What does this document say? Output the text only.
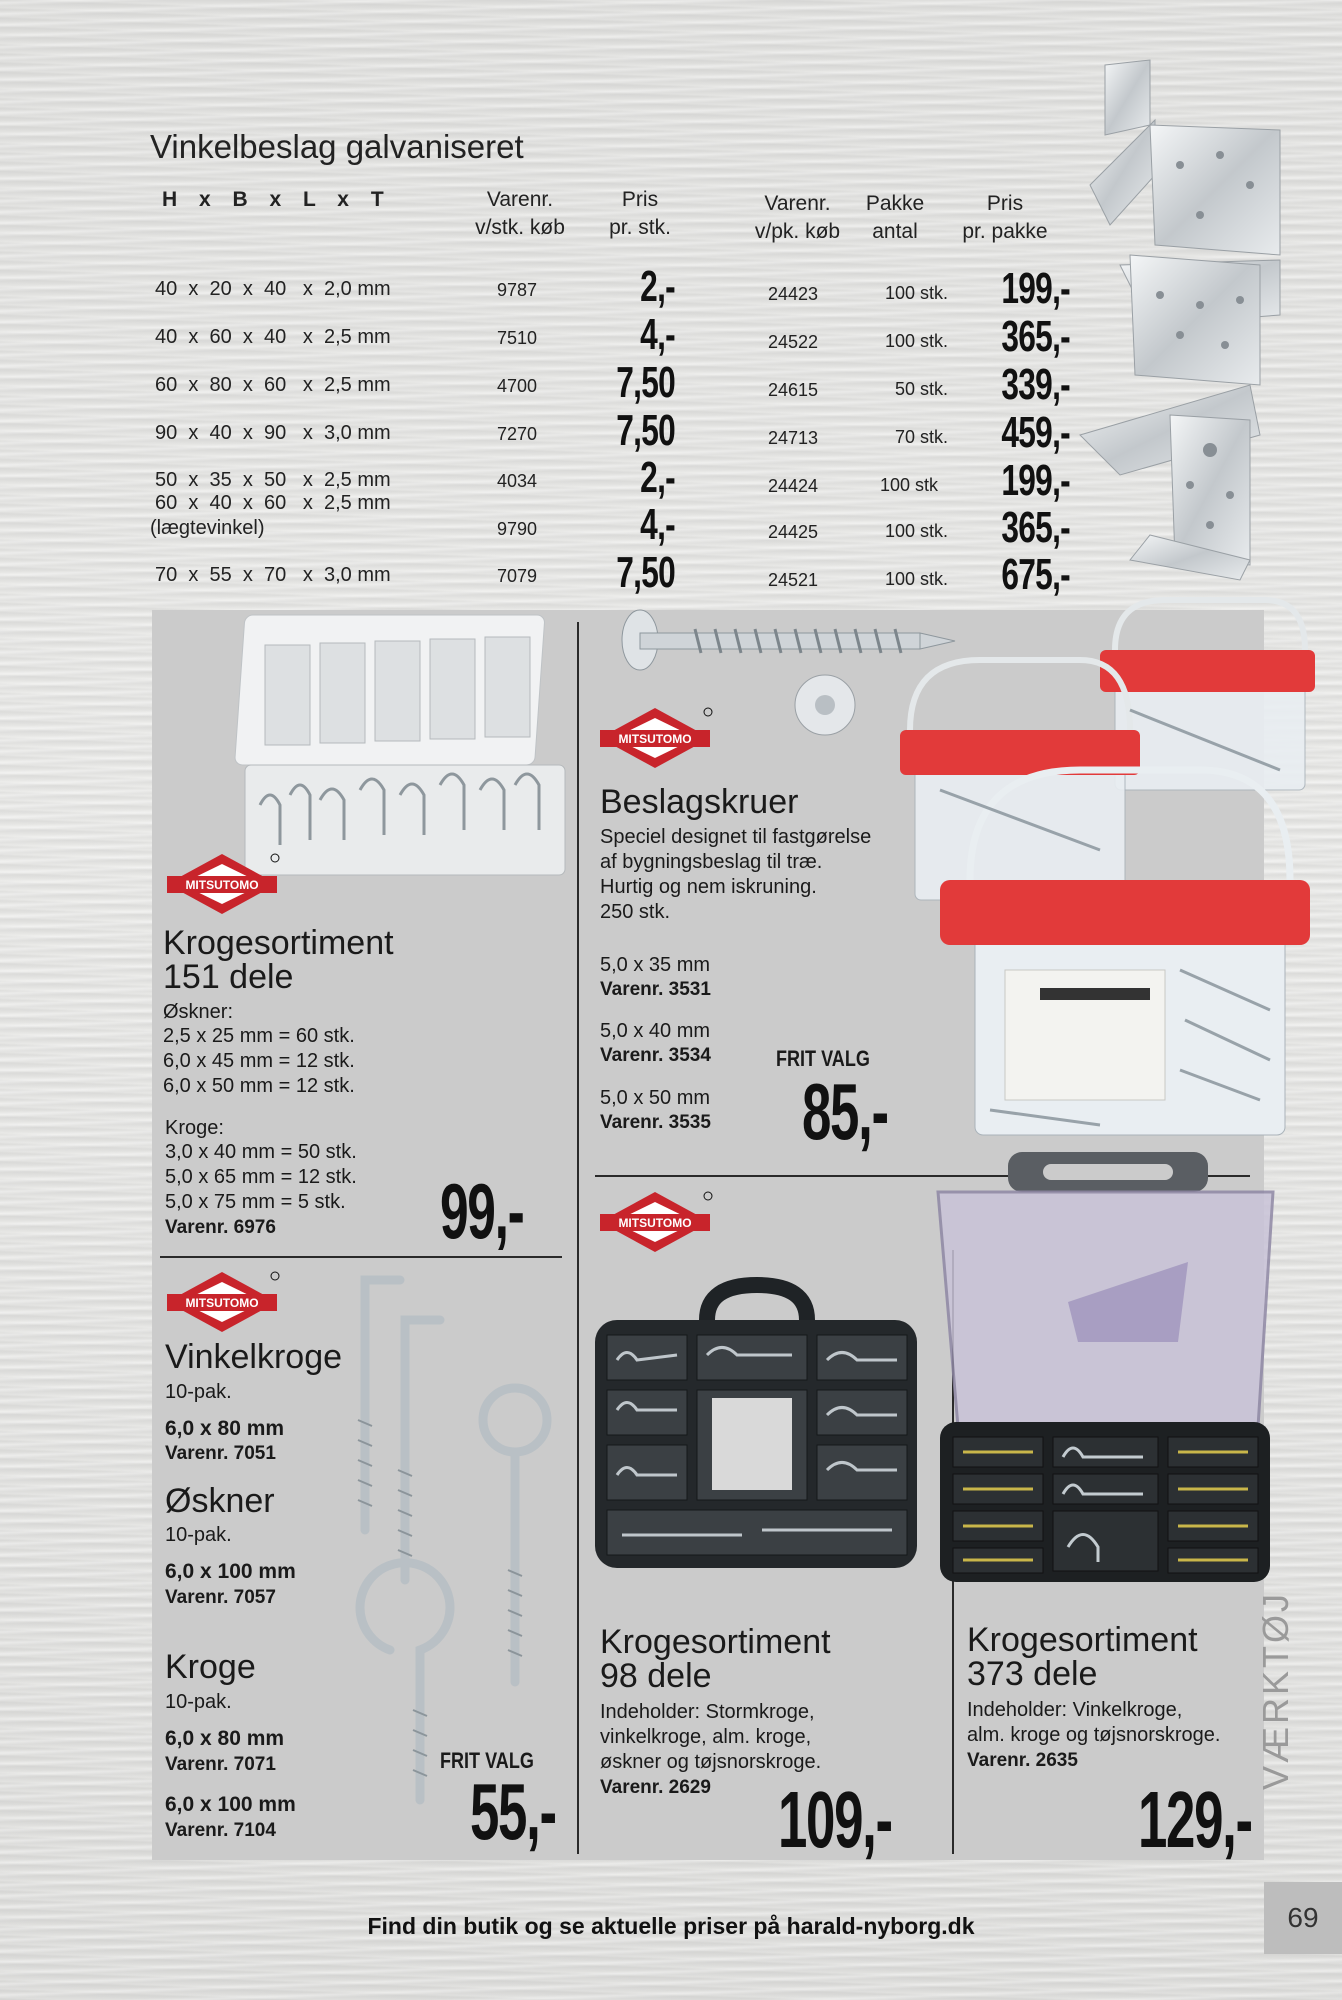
Vinkelbeslag galvaniseret
H x B x L x T	Varenr.
v/stk. køb
Pris
pr. stk.
Varenr.
v/pk. køb
Pakke
antal
Pris
pr. pakke
40  x  20  x  40   x  2,0 mm	9787	2,-	24423	100 stk.	199,-
40  x  60  x  40   x  2,5 mm	7510	4,-	24522	100 stk.	365,-
60  x  80  x  60   x  2,5 mm	4700	7,50	24615	50 stk.	339,-
90  x  40  x  90   x  3,0 mm	7270	7,50	24713	70 stk.	459,-
50  x  35  x  50   x  2,5 mm	4034	2,-	24424	100 stk	199,-
60  x  40  x  60   x  2,5 mm
(lægtevinkel)	9790	4,-	24425	100 stk.	365,-
70  x  55  x  70   x  3,0 mm	7079	7,50	24521	100 stk.	675,-
MITSUTOMO
Krogesortiment
151 dele
Øskner:
2,5 x 25 mm = 60 stk.
6,0 x 45 mm = 12 stk.
6,0 x 50 mm = 12 stk.
Kroge:
3,0 x 40 mm = 50 stk.
5,0 x 65 mm = 12 stk.
5,0 x 75 mm = 5 stk.
Varenr. 6976 99,-
MITSUTOMO
Beslagskruer
Speciel designet til fastgørelse
af bygningsbeslag til træ.
Hurtig og nem iskruning.
250 stk.
5,0 x 35 mm
Varenr. 3531
5,0 x 40 mm
Varenr. 3534
5,0 x 50 mm
Varenr. 3535
FRIT VALG
85,-
MITSUTOMO
Vinkelkroge
10-pak.
6,0 x 80 mm
Varenr. 7051
Øskner
10-pak.
6,0 x 100 mm
Varenr. 7057
Kroge
10-pak.
6,0 x 80 mm
Varenr. 7071
6,0 x 100 mm
Varenr. 7104
FRIT VALG
55,-
MITSUTOMO
Krogesortiment
98 dele
Indeholder: Stormkroge,
vinkelkroge, alm. kroge,
øskner og tøjsnorskroge.
Varenr. 2629 109,-
Krogesortiment
373 dele
Indeholder: Vinkelkroge,
alm. kroge og tøjsnorskroge.
Varenr. 2635
129,-
VÆRKTØJ
Find din butik og se aktuelle priser på harald-nyborg.dk	69
